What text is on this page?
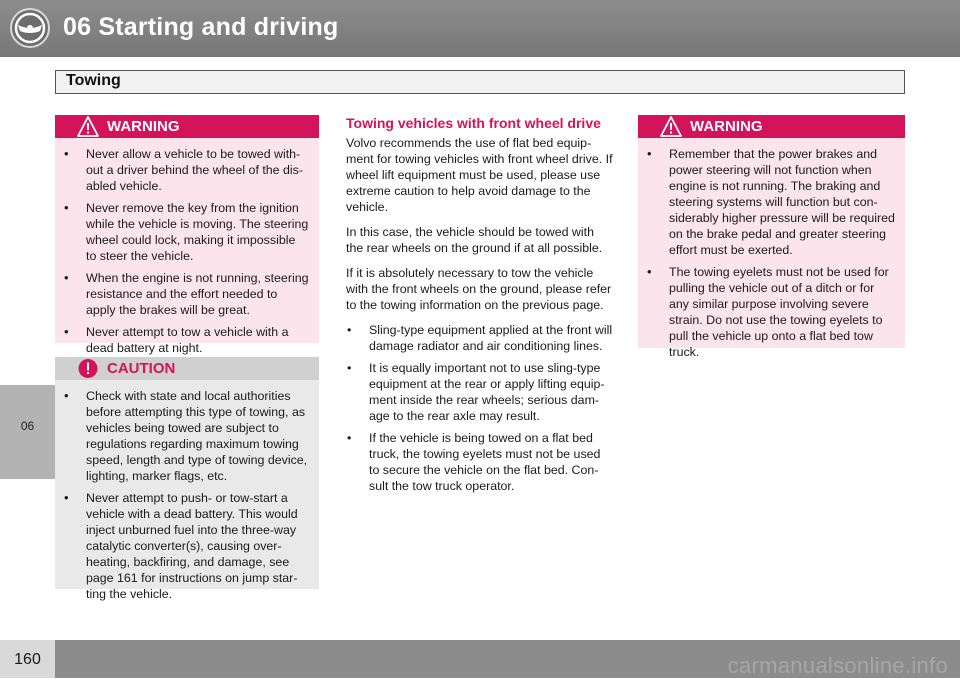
06 Starting and driving
06
Towing
WARNING
• Never allow a vehicle to be towed with-out a driver behind the wheel of the dis-abled vehicle.
• Never remove the key from the ignition while the vehicle is moving. The steering wheel could lock, making it impossible to steer the vehicle.
• When the engine is not running, steering resistance and the effort needed to apply the brakes will be great.
• Never attempt to tow a vehicle with a dead battery at night.
CAUTION
• Check with state and local authorities before attempting this type of towing, as vehicles being towed are subject to regulations regarding maximum towing speed, length and type of towing device, lighting, marker flags, etc.
• Never attempt to push- or tow-start a vehicle with a dead battery. This would inject unburned fuel into the three-way catalytic converter(s), causing over-heating, backfiring, and damage, see page 161 for instructions on jump star-ting the vehicle.
Towing vehicles with front wheel drive

Volvo recommends the use of flat bed equip-ment for towing vehicles with front wheel drive. If wheel lift equipment must be used, please use extreme caution to help avoid damage to the vehicle.

In this case, the vehicle should be towed with the rear wheels on the ground if at all possible.

If it is absolutely necessary to tow the vehicle with the front wheels on the ground, please refer to the towing information on the previous page.

• Sling-type equipment applied at the front will damage radiator and air conditioning lines.
• It is equally important not to use sling-type equipment at the rear or apply lifting equip-ment inside the rear wheels; serious dam-age to the rear axle may result.
• If the vehicle is being towed on a flat bed truck, the towing eyelets must not be used to secure the vehicle on the flat bed. Con-sult the tow truck operator.
WARNING
• Remember that the power brakes and power steering will not function when engine is not running. The braking and steering systems will function but con-siderably higher pressure will be required on the brake pedal and greater steering effort must be exerted.
• The towing eyelets must not be used for pulling the vehicle out of a ditch or for any similar purpose involving severe strain. Do not use the towing eyelets to pull the vehicle up onto a flat bed tow truck.
160	carmanualsonline.info
